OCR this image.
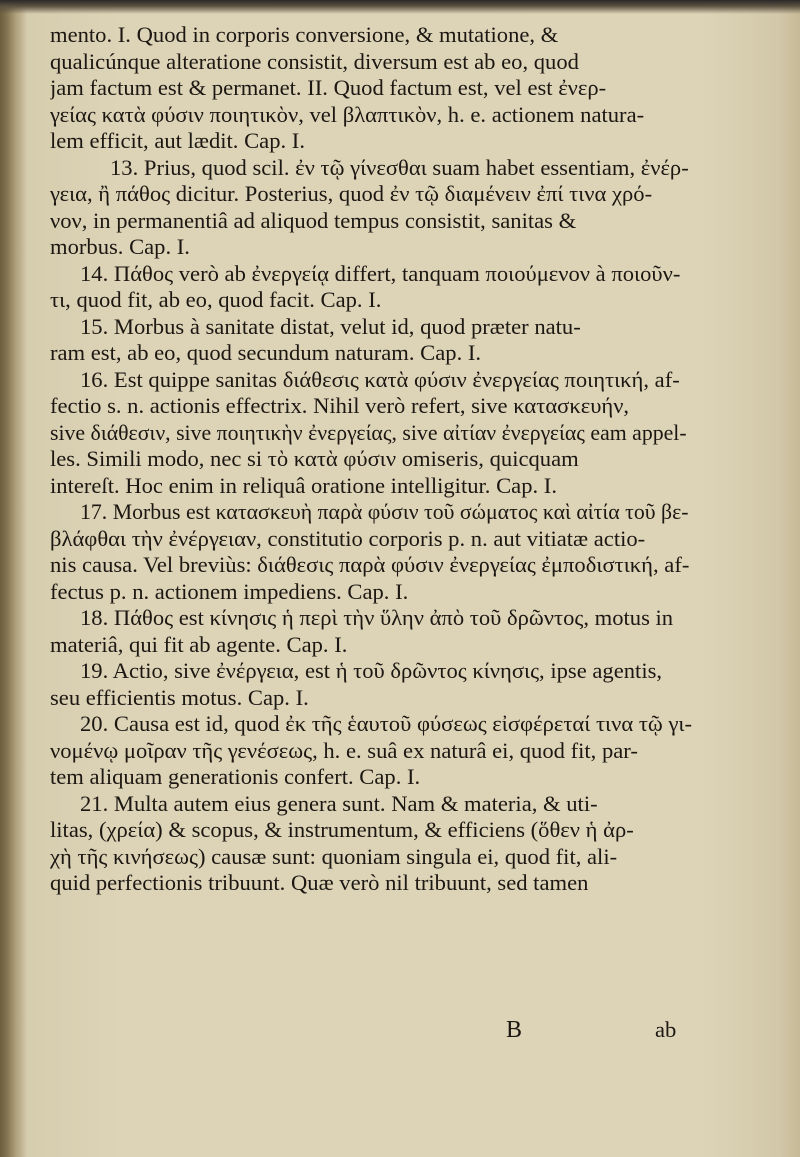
mento. I. Quod in corporis conversione, & mutatione, &
qualicúnque alteratione consistit, diversum est ab eo, quod
jam factum est & permanet. II. Quod factum est, vel est ἐνερ-
γείας κατὰ φύσιν ποιητικὸν, vel βλαπτικὸν, h. e. actionem natura-
lem efficit, aut lædit. Cap. I.
13. Prius, quod scil. ἐν τῷ γίνεσθαι suam habet essentiam, ἐνέρ-
γεια, ἢ πάθος dicitur. Posterius, quod ἐν τῷ διαμένειν ἐπί τινα χρό-
νον, in permanentiâ ad aliquod tempus consistit, sanitas &
morbus. Cap. I.
14. Πάθος verò ab ἐνεργείᾳ differt, tanquam ποιούμενον à ποιοῦν-
τι, quod fit, ab eo, quod facit. Cap. I.
15. Morbus à sanitate distat, velut id, quod præter natu-
ram est, ab eo, quod secundum naturam. Cap. I.
16. Est quippe sanitas διάθεσις κατὰ φύσιν ἐνεργείας ποιητική, af-
fectio s. n. actionis effectrix. Nihil verò refert, sive κατασκευήν,
sive διάθεσιν, sive ποιητικὴν ἐνεργείας, sive αἰτίαν ἐνεργείας eam appel-
les. Simili modo, nec si τὸ κατὰ φύσιν omiseris, quicquam
intereſt. Hoc enim in reliquâ oratione intelligitur. Cap. I.
17. Morbus est κατασκευὴ παρὰ φύσιν τοῦ σώματος καὶ αἰτία τοῦ βε-
βλάφθαι τὴν ἐνέργειαν, constitutio corporis p. n. aut vitiatæ actio-
nis causa. Vel breviùs: διάθεσις παρὰ φύσιν ἐνεργείας ἐμποδιστική, af-
fectus p. n. actionem impediens. Cap. I.
18. Πάθος est κίνησις ἡ περὶ τὴν ὕλην ἀπὸ τοῦ δρῶντος, motus in
materiâ, qui fit ab agente. Cap. I.
19. Actio, sive ἐνέργεια, est ἡ τοῦ δρῶντος κίνησις, ipse agentis,
seu efficientis motus. Cap. I.
20. Causa est id, quod ἐκ τῆς ἑαυτοῦ φύσεως εἰσφέρεταί τινα τῷ γι-
νομένῳ μοῖραν τῆς γενέσεως, h. e. suâ ex naturâ ei, quod fit, par-
tem aliquam generationis confert. Cap. I.
21. Multa autem eius genera sunt. Nam & materia, & uti-
litas, (χρεία) & scopus, & instrumentum, & efficiens (ὅθεν ἡ ἀρ-
χὴ τῆς κινήσεως) causæ sunt: quoniam singula ei, quod fit, ali-
quid perfectionis tribuunt. Quæ verò nil tribuunt, sed tamen
B	ab
